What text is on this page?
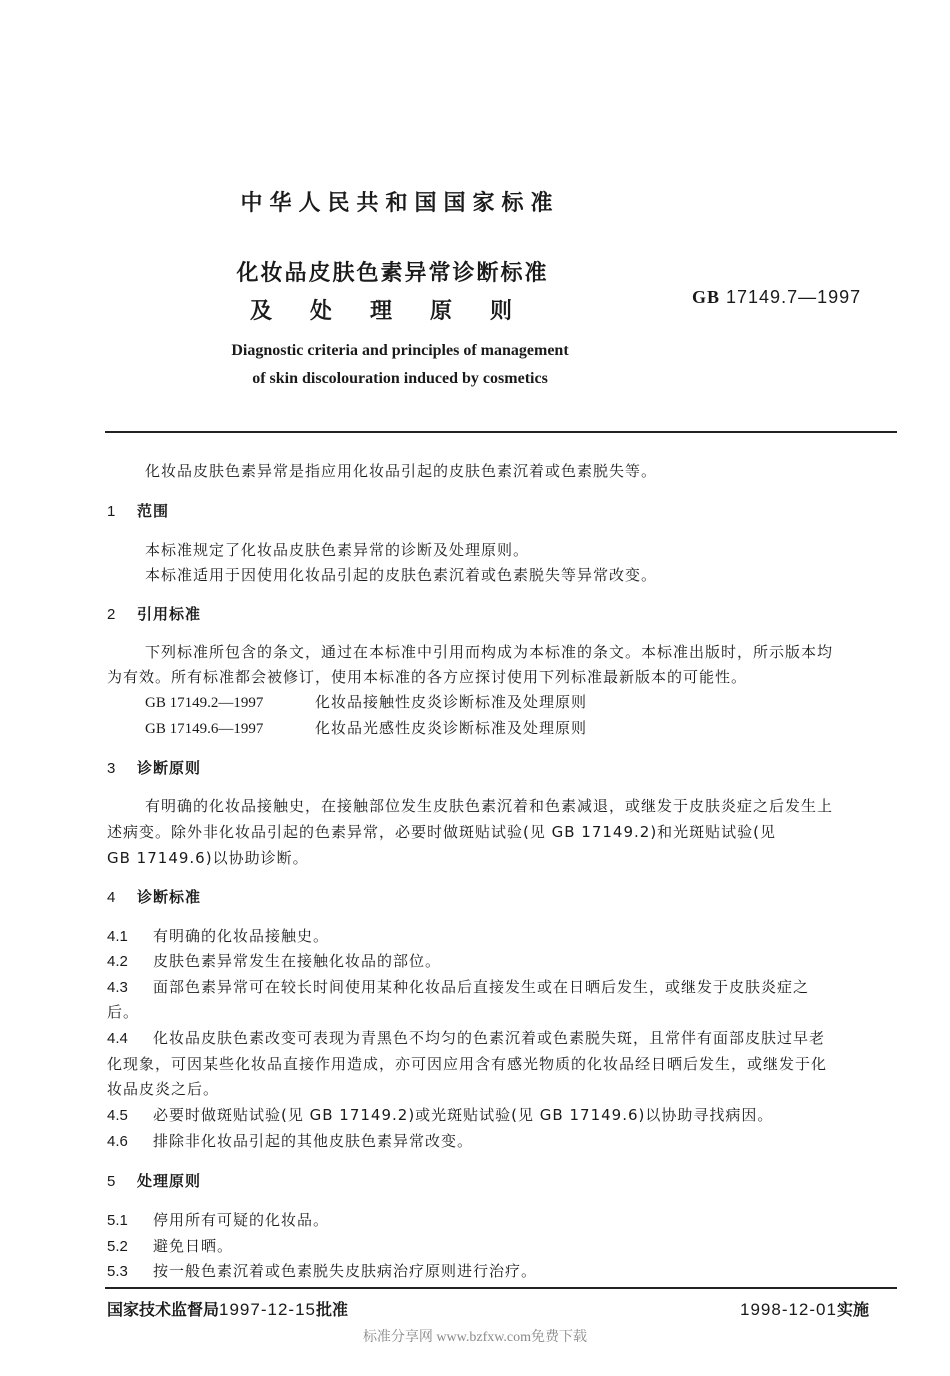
中华人民共和国国家标准
化妆品皮肤色素异常诊断标准
及处理原则
GB 17149.7—1997
Diagnostic criteria and principles of management
of skin discolouration induced by cosmetics
化妆品皮肤色素异常是指应用化妆品引起的皮肤色素沉着或色素脱失等。
1 范围
本标准规定了化妆品皮肤色素异常的诊断及处理原则。
本标准适用于因使用化妆品引起的皮肤色素沉着或色素脱失等异常改变。
2 引用标准
下列标准所包含的条文，通过在本标准中引用而构成为本标准的条文。本标准出版时，所示版本均
为有效。所有标准都会被修订，使用本标准的各方应探讨使用下列标准最新版本的可能性。
GB 17149.2—1997	化妆品接触性皮炎诊断标准及处理原则
GB 17149.6—1997	化妆品光感性皮炎诊断标准及处理原则
3 诊断原则
有明确的化妆品接触史，在接触部位发生皮肤色素沉着和色素减退，或继发于皮肤炎症之后发生上
述病变。除外非化妆品引起的色素异常，必要时做斑贴试验(见 GB 17149.2)和光斑贴试验(见
GB 17149.6)以协助诊断。
4 诊断标准
4.1 有明确的化妆品接触史。
4.2 皮肤色素异常发生在接触化妆品的部位。
4.3 面部色素异常可在较长时间使用某种化妆品后直接发生或在日晒后发生，或继发于皮肤炎症之
后。
4.4 化妆品皮肤色素改变可表现为青黑色不均匀的色素沉着或色素脱失斑，且常伴有面部皮肤过早老
化现象，可因某些化妆品直接作用造成，亦可因应用含有感光物质的化妆品经日晒后发生，或继发于化
妆品皮炎之后。
4.5 必要时做斑贴试验(见 GB 17149.2)或光斑贴试验(见 GB 17149.6)以协助寻找病因。
4.6 排除非化妆品引起的其他皮肤色素异常改变。
5 处理原则
5.1 停用所有可疑的化妆品。
5.2 避免日晒。
5.3 按一般色素沉着或色素脱失皮肤病治疗原则进行治疗。
国家技术监督局1997-12-15批准	1998-12-01实施
标准分享网 www.bzfxw.com免费下载
